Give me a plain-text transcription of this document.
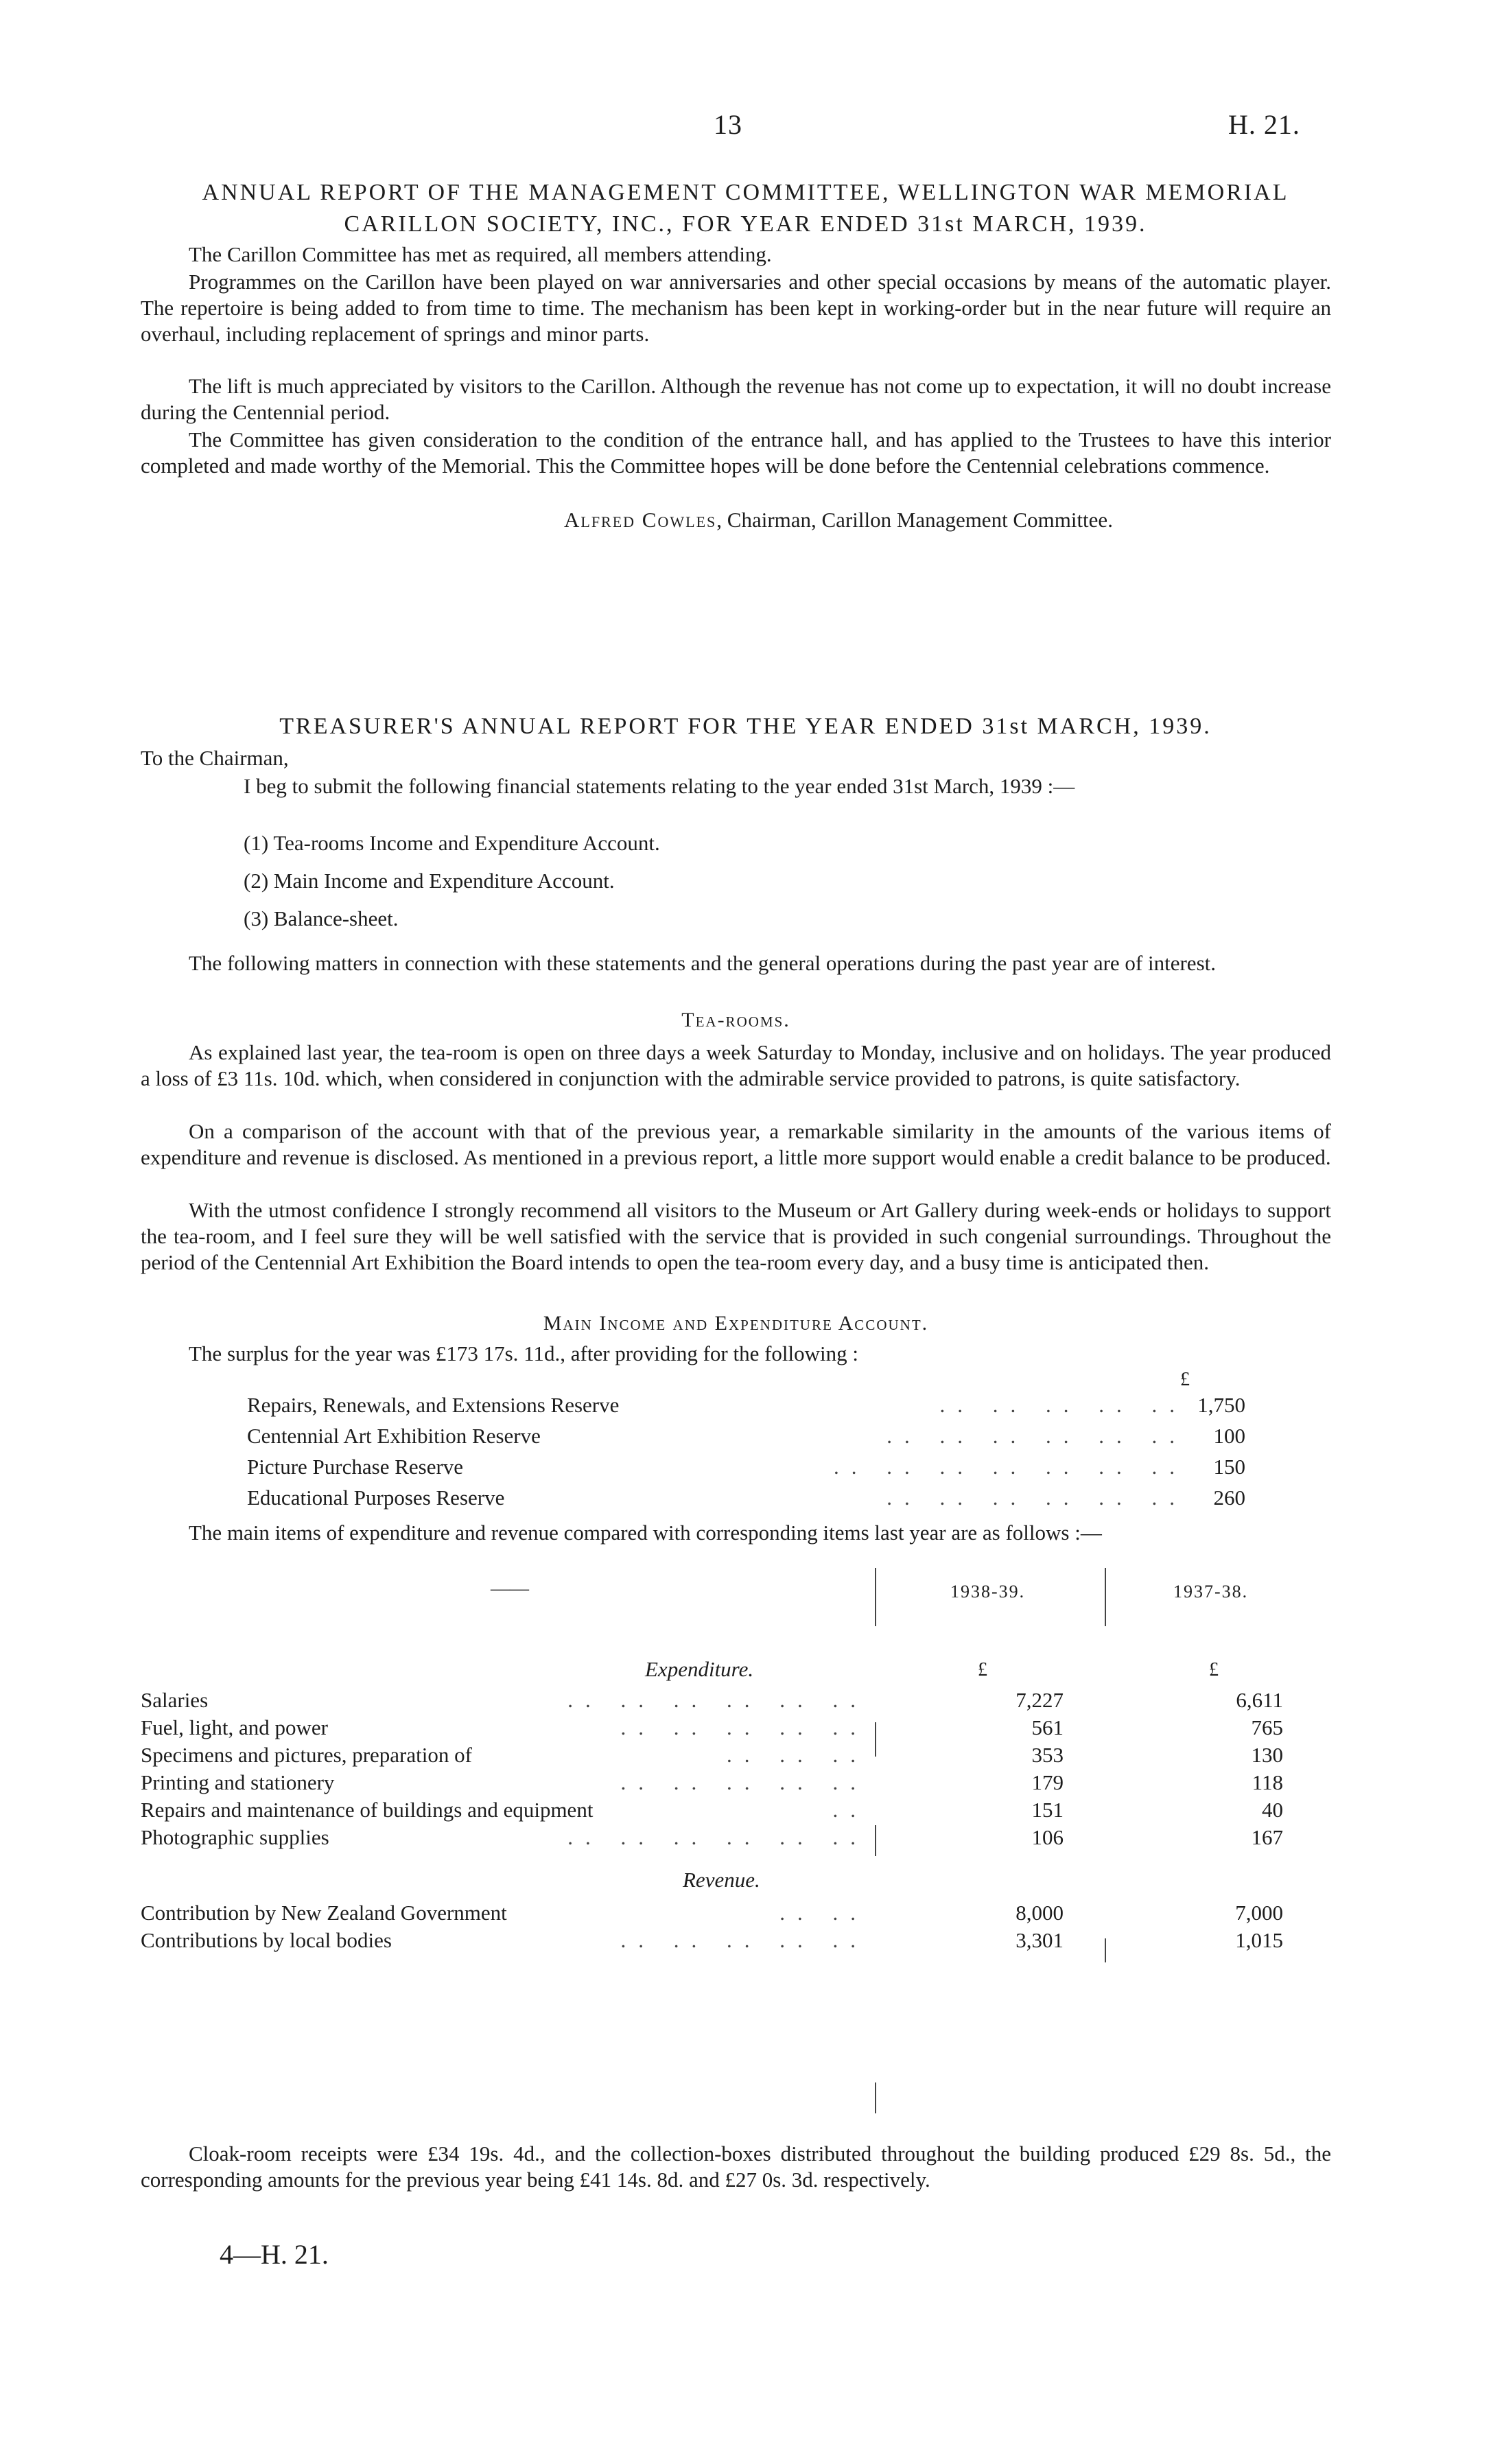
13	H. 21.
ANNUAL REPORT OF THE MANAGEMENT COMMITTEE, WELLINGTON WAR MEMORIAL
CARILLON SOCIETY, INC., FOR YEAR ENDED 31st MARCH, 1939.
The Carillon Committee has met as required, all members attending.
Programmes on the Carillon have been played on war anniversaries and other special occasions by means of the automatic player. The repertoire is being added to from time to time. The mechanism has been kept in working-order but in the near future will require an overhaul, including replacement of springs and minor parts.
The lift is much appreciated by visitors to the Carillon. Although the revenue has not come up to expectation, it will no doubt increase during the Centennial period.
The Committee has given consideration to the condition of the entrance hall, and has applied to the Trustees to have this interior completed and made worthy of the Memorial. This the Committee hopes will be done before the Centennial celebrations commence.
Alfred Cowles, Chairman, Carillon Management Committee.
TREASURER'S ANNUAL REPORT FOR THE YEAR ENDED 31st MARCH, 1939.
To the Chairman,
I beg to submit the following financial statements relating to the year ended 31st March, 1939 :—
(1) Tea-rooms Income and Expenditure Account.
(2) Main Income and Expenditure Account.
(3) Balance-sheet.
The following matters in connection with these statements and the general operations during the past year are of interest.
Tea-rooms.
As explained last year, the tea-room is open on three days a week Saturday to Monday, inclusive and on holidays. The year produced a loss of £3 11s. 10d. which, when considered in conjunction with the admirable service provided to patrons, is quite satisfactory.
On a comparison of the account with that of the previous year, a remarkable similarity in the amounts of the various items of expenditure and revenue is disclosed. As mentioned in a previous report, a little more support would enable a credit balance to be produced.
With the utmost confidence I strongly recommend all visitors to the Museum or Art Gallery during week-ends or holidays to support the tea-room, and I feel sure they will be well satisfied with the service that is provided in such congenial surroundings. Throughout the period of the Centennial Art Exhibition the Board intends to open the tea-room every day, and a busy time is anticipated then.
Main Income and Expenditure Account.
The surplus for the year was £173 17s. 11d., after providing for the following :
£
Repairs, Renewals, and Extensions Reserve	.. .. .. .. .. 1,750
Centennial Art Exhibition Reserve	.. .. .. .. .. ..	100
Picture Purchase Reserve	.. .. .. .. .. .. ..	150
Educational Purposes Reserve	.. .. .. .. .. ..	260
The main items of expenditure and revenue compared with corresponding items last year are as follows :—
——	1938-39.	1937-38.
Expenditure.	£	£
Salaries	.. .. .. .. .. ..	7,227	6,611
Fuel, light, and power	.. .. .. .. ..	561	765
Specimens and pictures, preparation of	.. .. ..	353	130
Printing and stationery	.. .. .. .. ..	179	118
Repairs and maintenance of buildings and equipment	..	151	40
Photographic supplies	.. .. .. .. .. ..	106	167
Revenue.
Contribution by New Zealand Government	.. ..	8,000	7,000
Contributions by local bodies	.. .. .. .. ..	3,301	1,015
Cloak-room receipts were £34 19s. 4d., and the collection-boxes distributed throughout the building produced £29 8s. 5d., the corresponding amounts for the previous year being £41 14s. 8d. and £27 0s. 3d. respectively.
4—H. 21.
